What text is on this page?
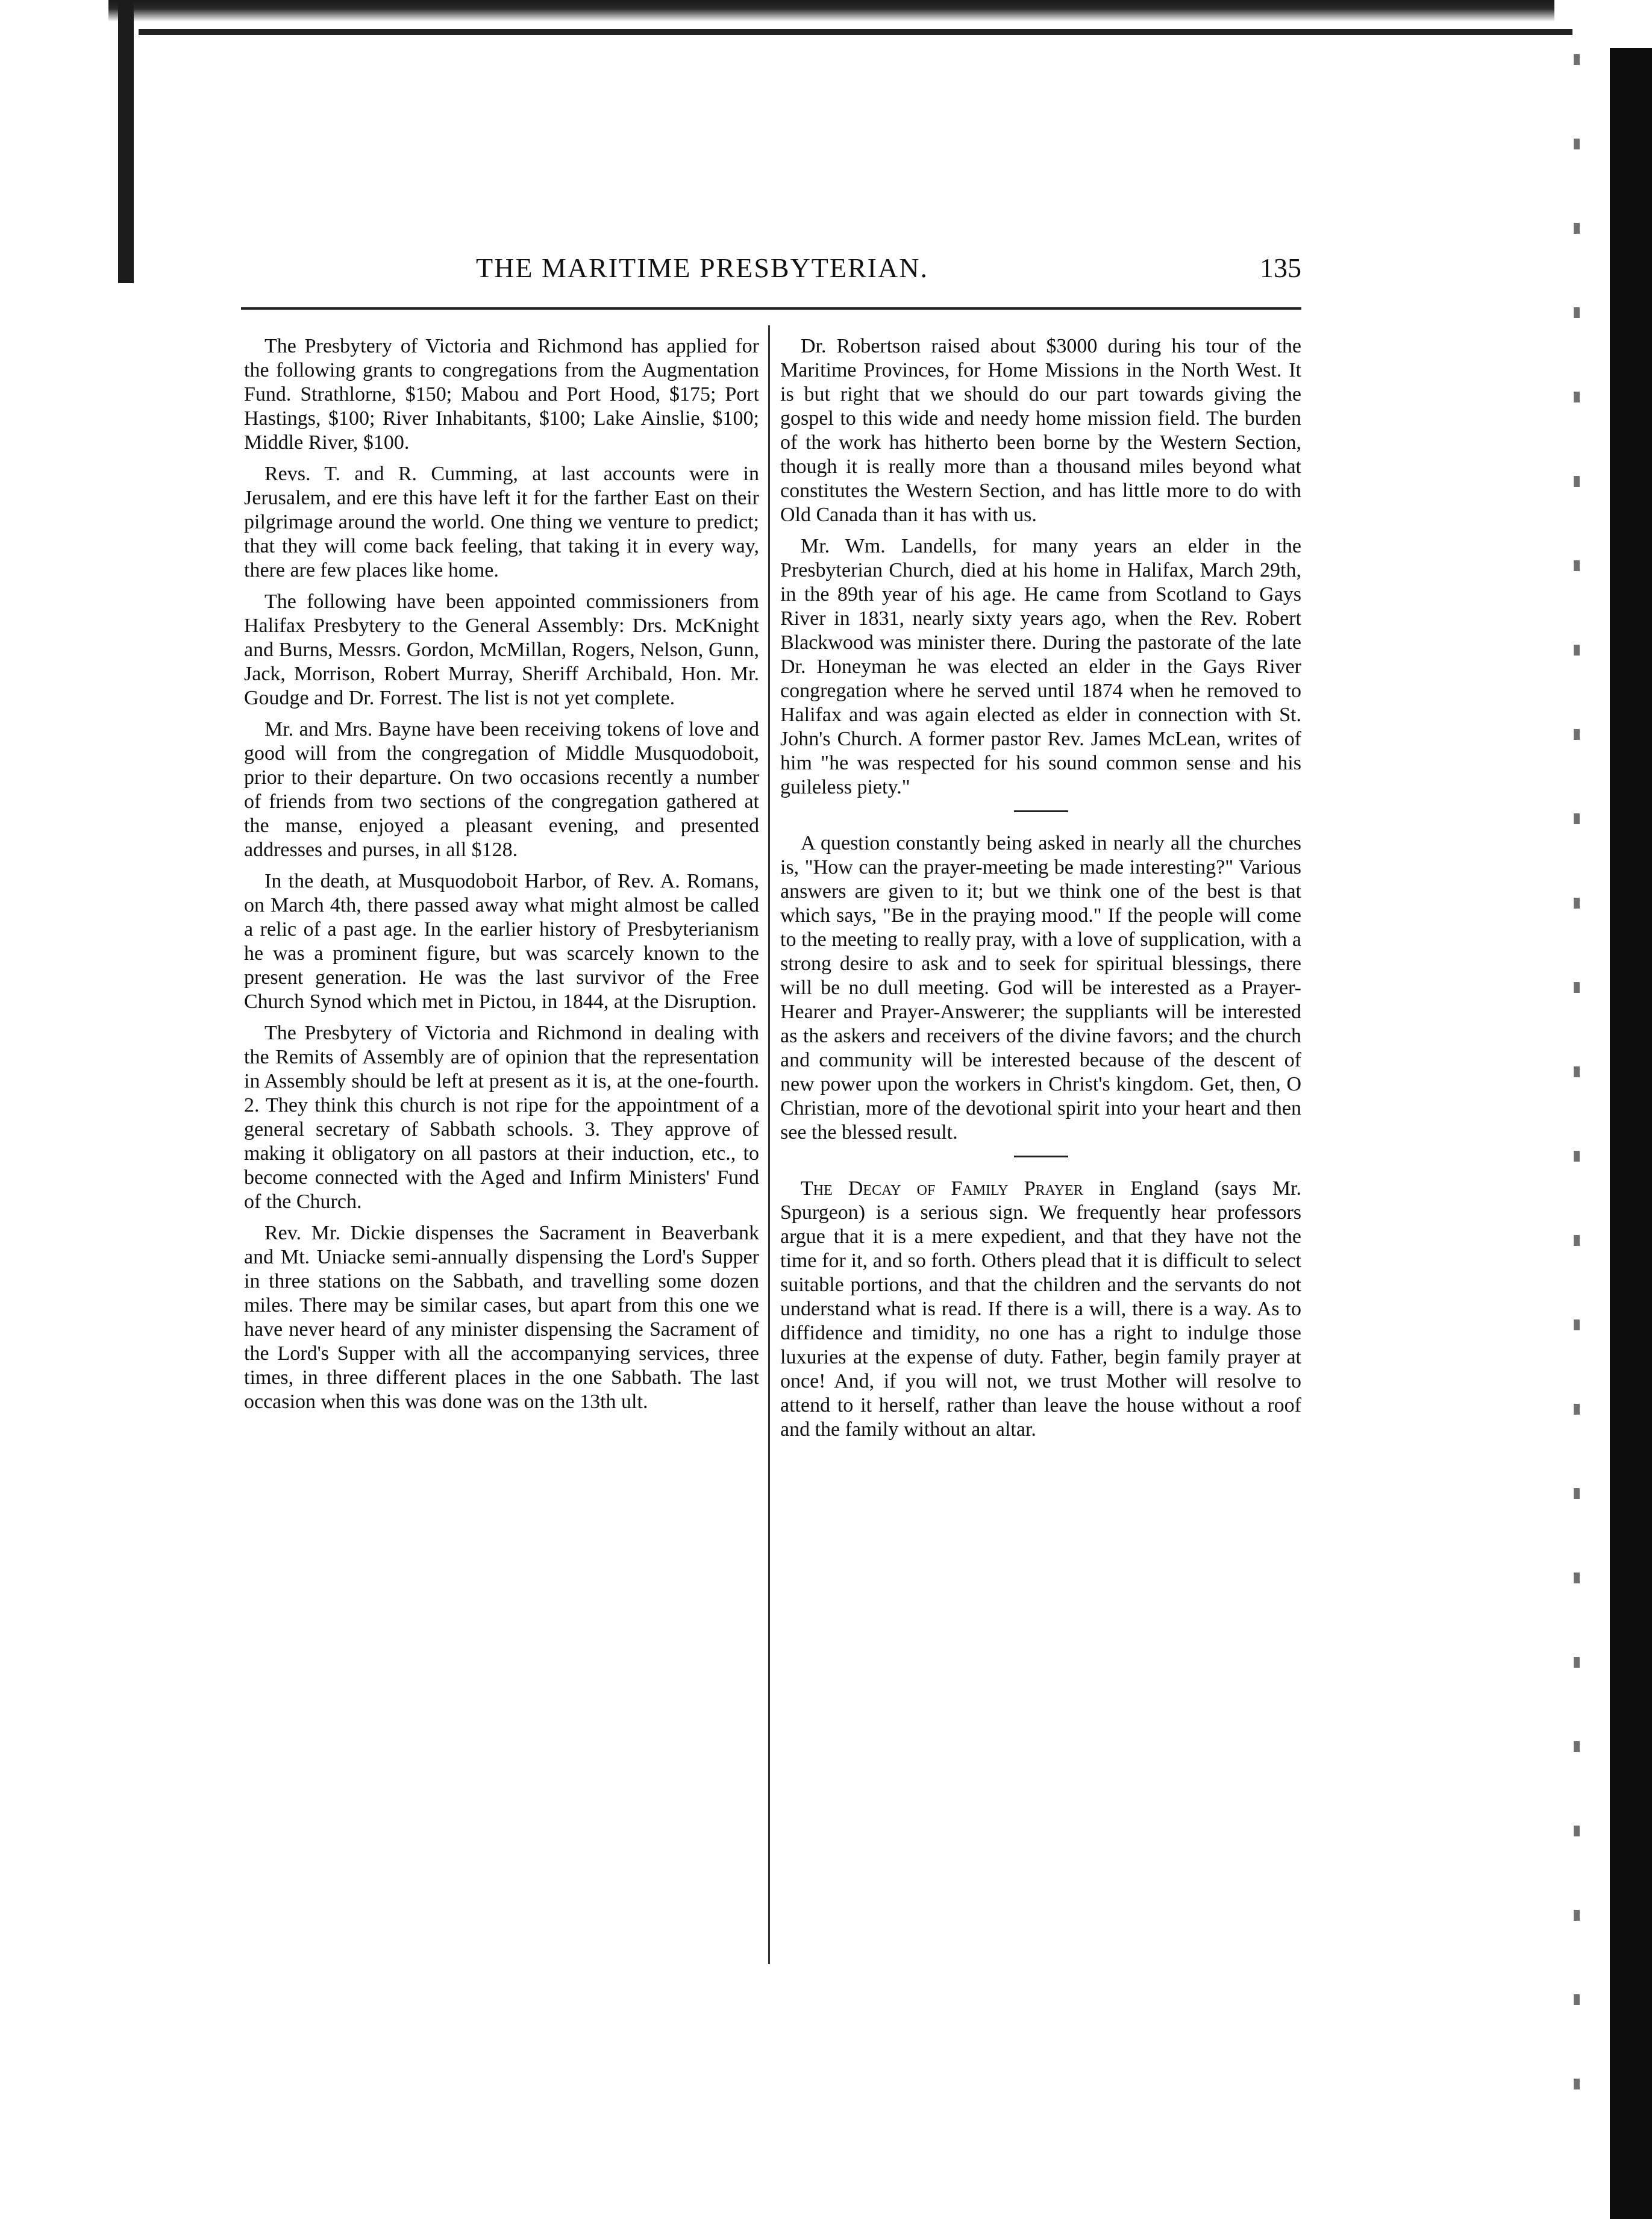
THE MARITIME PRESBYTERIAN.	135

The Presbytery of Victoria and Richmond has applied for the following grants to congregations from the Augmentation Fund. Strathlorne, $150; Mabou and Port Hood, $175; Port Hastings, $100; River Inhabitants, $100; Lake Ainslie, $100; Middle River, $100.

Revs. T. and R. Cumming, at last accounts were in Jerusalem, and ere this have left it for the farther East on their pilgrimage around the world. One thing we venture to predict; that they will come back feeling, that taking it in every way, there are few places like home.

The following have been appointed commissioners from Halifax Presbytery to the General Assembly: Drs. McKnight and Burns, Messrs. Gordon, McMillan, Rogers, Nelson, Gunn, Jack, Morrison, Robert Murray, Sheriff Archibald, Hon. Mr. Goudge and Dr. Forrest. The list is not yet complete.

Mr. and Mrs. Bayne have been receiving tokens of love and good will from the congregation of Middle Musquodoboit, prior to their departure. On two occasions recently a number of friends from two sections of the congregation gathered at the manse, enjoyed a pleasant evening, and presented addresses and purses, in all $128.

In the death, at Musquodoboit Harbor, of Rev. A. Romans, on March 4th, there passed away what might almost be called a relic of a past age. In the earlier history of Presbyterianism he was a prominent figure, but was scarcely known to the present generation. He was the last survivor of the Free Church Synod which met in Pictou, in 1844, at the Disruption.

The Presbytery of Victoria and Richmond in dealing with the Remits of Assembly are of opinion that the representation in Assembly should be left at present as it is, at the one-fourth. 2. They think this church is not ripe for the appointment of a general secretary of Sabbath schools. 3. They approve of making it obligatory on all pastors at their induction, etc., to become connected with the Aged and Infirm Ministers' Fund of the Church.

Rev. Mr. Dickie dispenses the Sacrament in Beaverbank and Mt. Uniacke semi-annually dispensing the Lord's Supper in three stations on the Sabbath, and travelling some dozen miles. There may be similar cases, but apart from this one we have never heard of any minister dispensing the Sacrament of the Lord's Supper with all the accompanying services, three times, in three different places in the one Sabbath. The last occasion when this was done was on the 13th ult.

Dr. Robertson raised about $3000 during his tour of the Maritime Provinces, for Home Missions in the North West. It is but right that we should do our part towards giving the gospel to this wide and needy home mission field. The burden of the work has hitherto been borne by the Western Section, though it is really more than a thousand miles beyond what constitutes the Western Section, and has little more to do with Old Canada than it has with us.

Mr. Wm. Landells, for many years an elder in the Presbyterian Church, died at his home in Halifax, March 29th, in the 89th year of his age. He came from Scotland to Gays River in 1831, nearly sixty years ago, when the Rev. Robert Blackwood was minister there. During the pastorate of the late Dr. Honeyman he was elected an elder in the Gays River congregation where he served until 1874 when he removed to Halifax and was again elected as elder in connection with St. John's Church. A former pastor Rev. James McLean, writes of him "he was respected for his sound common sense and his guileless piety."

A question constantly being asked in nearly all the churches is, "How can the prayer-meeting be made interesting?" Various answers are given to it; but we think one of the best is that which says, "Be in the praying mood." If the people will come to the meeting to really pray, with a love of supplication, with a strong desire to ask and to seek for spiritual blessings, there will be no dull meeting. God will be interested as a Prayer-Hearer and Prayer-Answerer; the suppliants will be interested as the askers and receivers of the divine favors; and the church and community will be interested because of the descent of new power upon the workers in Christ's kingdom. Get, then, O Christian, more of the devotional spirit into your heart and then see the blessed result.

The Decay of Family Prayer in England (says Mr. Spurgeon) is a serious sign. We frequently hear professors argue that it is a mere expedient, and that they have not the time for it, and so forth. Others plead that it is difficult to select suitable portions, and that the children and the servants do not understand what is read. If there is a will, there is a way. As to diffidence and timidity, no one has a right to indulge those luxuries at the expense of duty. Father, begin family prayer at once! And, if you will not, we trust Mother will resolve to attend to it herself, rather than leave the house without a roof and the family without an altar.
